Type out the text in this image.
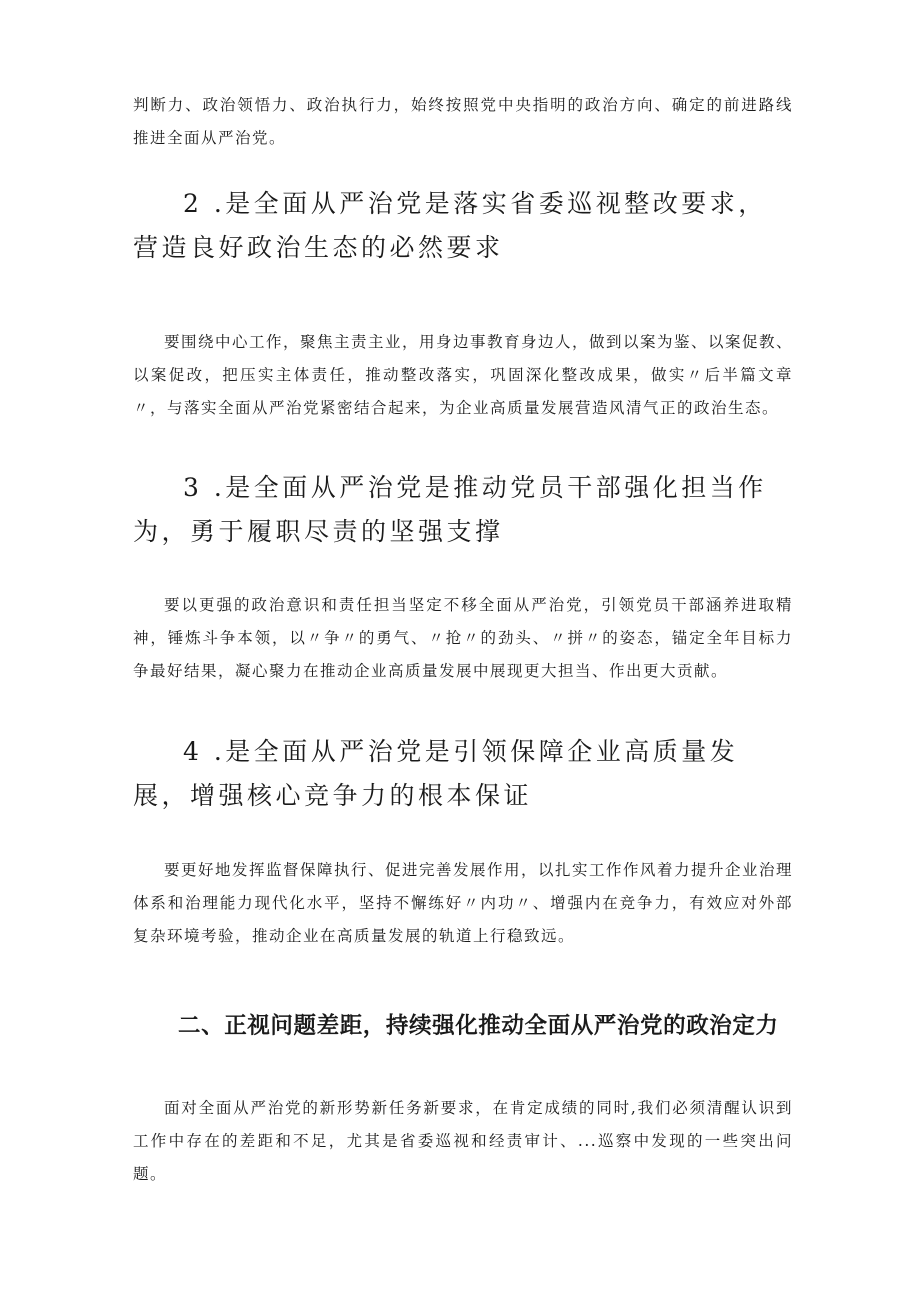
判断力、政治领悟力、政治执行力，始终按照党中央指明的政治方向、确定的前进路线推进全面从严治党。

2 .是全面从严治党是落实省委巡视整改要求，营造良好政治生态的必然要求

要围绕中心工作，聚焦主责主业，用身边事教育身边人，做到以案为鉴、以案促教、以案促改，把压实主体责任，推动整改落实，巩固深化整改成果，做实〃后半篇文章〃，与落实全面从严治党紧密结合起来，为企业高质量发展营造风清气正的政治生态。

3 .是全面从严治党是推动党员干部强化担当作为，勇于履职尽责的坚强支撑

要以更强的政治意识和责任担当坚定不移全面从严治党，引领党员干部涵养进取精神，锤炼斗争本领，以〃争〃的勇气、〃抢〃的劲头、〃拼〃的姿态，锚定全年目标力争最好结果，凝心聚力在推动企业高质量发展中展现更大担当、作出更大贡献。

4 .是全面从严治党是引领保障企业高质量发展，增强核心竞争力的根本保证

要更好地发挥监督保障执行、促进完善发展作用，以扎实工作作风着力提升企业治理体系和治理能力现代化水平，坚持不懈练好〃内功〃、增强内在竞争力，有效应对外部复杂环境考验，推动企业在高质量发展的轨道上行稳致远。

二、正视问题差距，持续强化推动全面从严治党的政治定力

面对全面从严治党的新形势新任务新要求，在肯定成绩的同时,我们必须清醒认识到工作中存在的差距和不足，尤其是省委巡视和经责审计、...巡察中发现的一些突出问题。
